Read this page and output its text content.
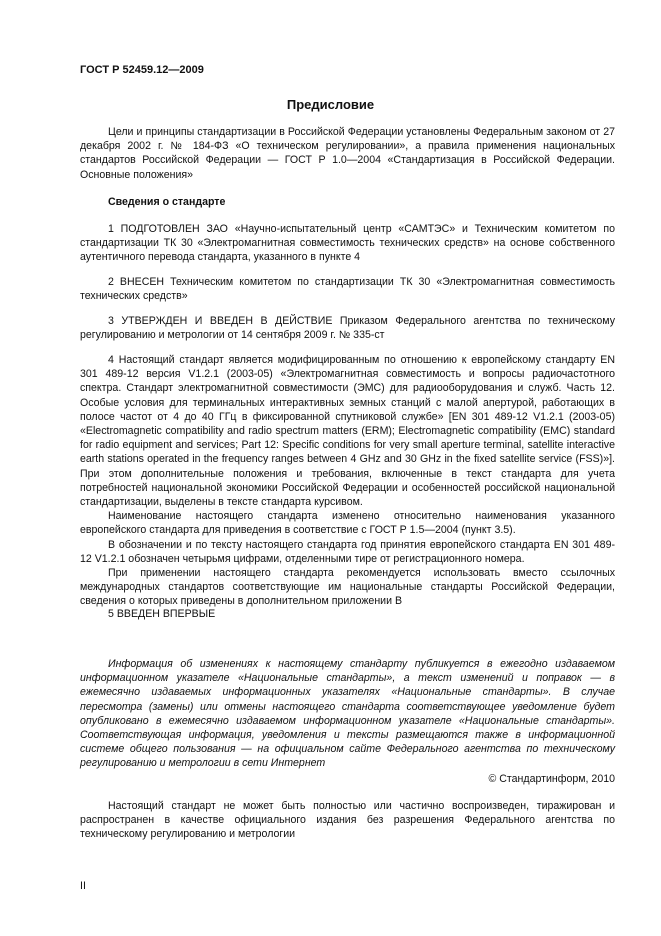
ГОСТ Р 52459.12—2009
Предисловие

Цели и принципы стандартизации в Российской Федерации установлены Федеральным законом от 27 декабря 2002 г. № 184-ФЗ «О техническом регулировании», а правила применения национальных стандартов Российской Федерации — ГОСТ Р 1.0—2004 «Стандартизация в Российской Федерации. Основные положения»

Сведения о стандарте

1 ПОДГОТОВЛЕН ЗАО «Научно-испытательный центр «САМТЭС» и Техническим комитетом по стандартизации ТК 30 «Электромагнитная совместимость технических средств» на основе собственного аутентичного перевода стандарта, указанного в пункте 4

2 ВНЕСЕН Техническим комитетом по стандартизации ТК 30 «Электромагнитная совместимость технических средств»

3 УТВЕРЖДЕН И ВВЕДЕН В ДЕЙСТВИЕ Приказом Федерального агентства по техническому регулированию и метрологии от 14 сентября 2009 г. № 335-ст

4 Настоящий стандарт является модифицированным по отношению к европейскому стандарту EN 301 489-12 версия V1.2.1 (2003-05) «Электромагнитная совместимость и вопросы радиочастотного спектра. Стандарт электромагнитной совместимости (ЭМС) для радиооборудования и служб. Часть 12. Особые условия для терминальных интерактивных земных станций с малой апертурой, работающих в полосе частот от 4 до 40 ГГц в фиксированной спутниковой службе» [EN 301 489-12 V1.2.1 (2003-05) «Electromagnetic compatibility and radio spectrum matters (ERM); Electromagnetic compatibility (EMC) standard for radio equipment and services; Part 12: Specific conditions for very small aperture terminal, satellite interactive earth stations operated in the frequency ranges between 4 GHz and 30 GHz in the fixed satellite service (FSS)»]. При этом дополнительные положения и требования, включенные в текст стандарта для учета потребностей национальной экономики Российской Федерации и особенностей российской национальной стандартизации, выделены в тексте стандарта курсивом.

Наименование настоящего стандарта изменено относительно наименования указанного европейского стандарта для приведения в соответствие с ГОСТ Р 1.5—2004 (пункт 3.5).

В обозначении и по тексту настоящего стандарта год принятия европейского стандарта EN 301 489-12 V1.2.1 обозначен четырьмя цифрами, отделенными тире от регистрационного номера.

При применении настоящего стандарта рекомендуется использовать вместо ссылочных международных стандартов соответствующие им национальные стандарты Российской Федерации, сведения о которых приведены в дополнительном приложении В

5 ВВЕДЕН ВПЕРВЫЕ

Информация об изменениях к настоящему стандарту публикуется в ежегодно издаваемом информационном указателе «Национальные стандарты», а текст изменений и поправок — в ежемесячно издаваемых информационных указателях «Национальные стандарты». В случае пересмотра (замены) или отмены настоящего стандарта соответствующее уведомление будет опубликовано в ежемесячно издаваемом информационном указателе «Национальные стандарты». Соответствующая информация, уведомления и тексты размещаются также в информационной системе общего пользования — на официальном сайте Федерального агентства по техническому регулированию и метрологии в сети Интернет

© Стандартинформ, 2010

Настоящий стандарт не может быть полностью или частично воспроизведен, тиражирован и распространен в качестве официального издания без разрешения Федерального агентства по техническому регулированию и метрологии

II
